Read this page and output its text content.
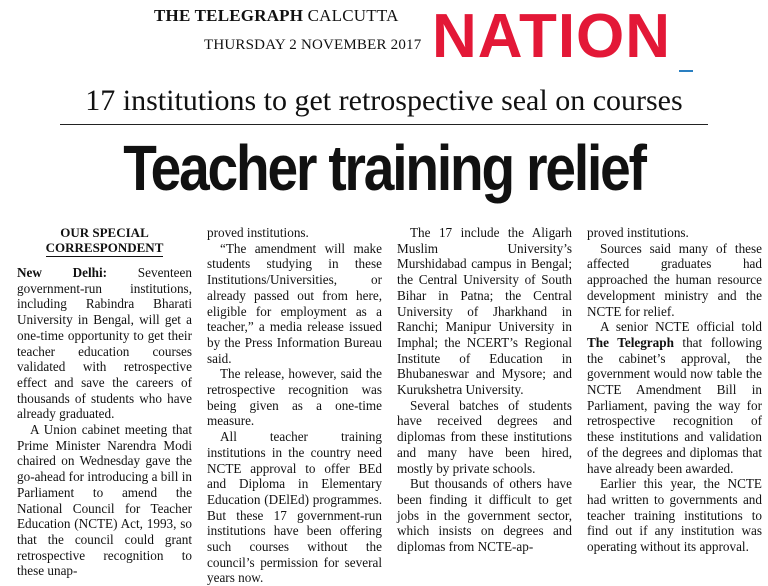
THE TELEGRAPH CALCUTTA
THURSDAY 2 NOVEMBER 2017 NATION
17 institutions to get retrospective seal on courses
Teacher training relief
OUR SPECIAL
CORRESPONDENT

New Delhi: Seventeen government-run institutions, including Rabindra Bharati University in Bengal, will get a one-time opportunity to get their teacher education courses validated with retrospective effect and save the careers of thousands of students who have already graduated.

A Union cabinet meeting that Prime Minister Narendra Modi chaired on Wednesday gave the go-ahead for introducing a bill in Parliament to amend the National Council for Teacher Education (NCTE) Act, 1993, so that the council could grant retrospective recognition to these unap-

proved institutions.

“The amendment will make students studying in these Institutions/Universities, or already passed out from here, eligible for employment as a teacher,” a media release issued by the Press Information Bureau said.

The release, however, said the retrospective recognition was being given as a one-time measure.

All teacher training institutions in the country need NCTE approval to offer BEd and Diploma in Elementary Education (DElEd) programmes. But these 17 government-run institutions have been offering such courses without the council’s permission for several years now.

The 17 include the Aligarh Muslim University’s Murshidabad campus in Bengal; the Central University of South Bihar in Patna; the Central University of Jharkhand in Ranchi; Manipur University in Imphal; the NCERT’s Regional Institute of Education in Bhubaneswar and Mysore; and Kurukshetra University.

Several batches of students have received degrees and diplomas from these institutions and many have been hired, mostly by private schools.

But thousands of others have been finding it difficult to get jobs in the government sector, which insists on degrees and diplomas from NCTE-ap-

proved institutions.

Sources said many of these affected graduates had approached the human resource development ministry and the NCTE for relief.

A senior NCTE official told The Telegraph that following the cabinet’s approval, the government would now table the NCTE Amendment Bill in Parliament, paving the way for retrospective recognition of these institutions and validation of the degrees and diplomas that have already been awarded.

Earlier this year, the NCTE had written to governments and teacher training institutions to find out if any institution was operating without its approval.
